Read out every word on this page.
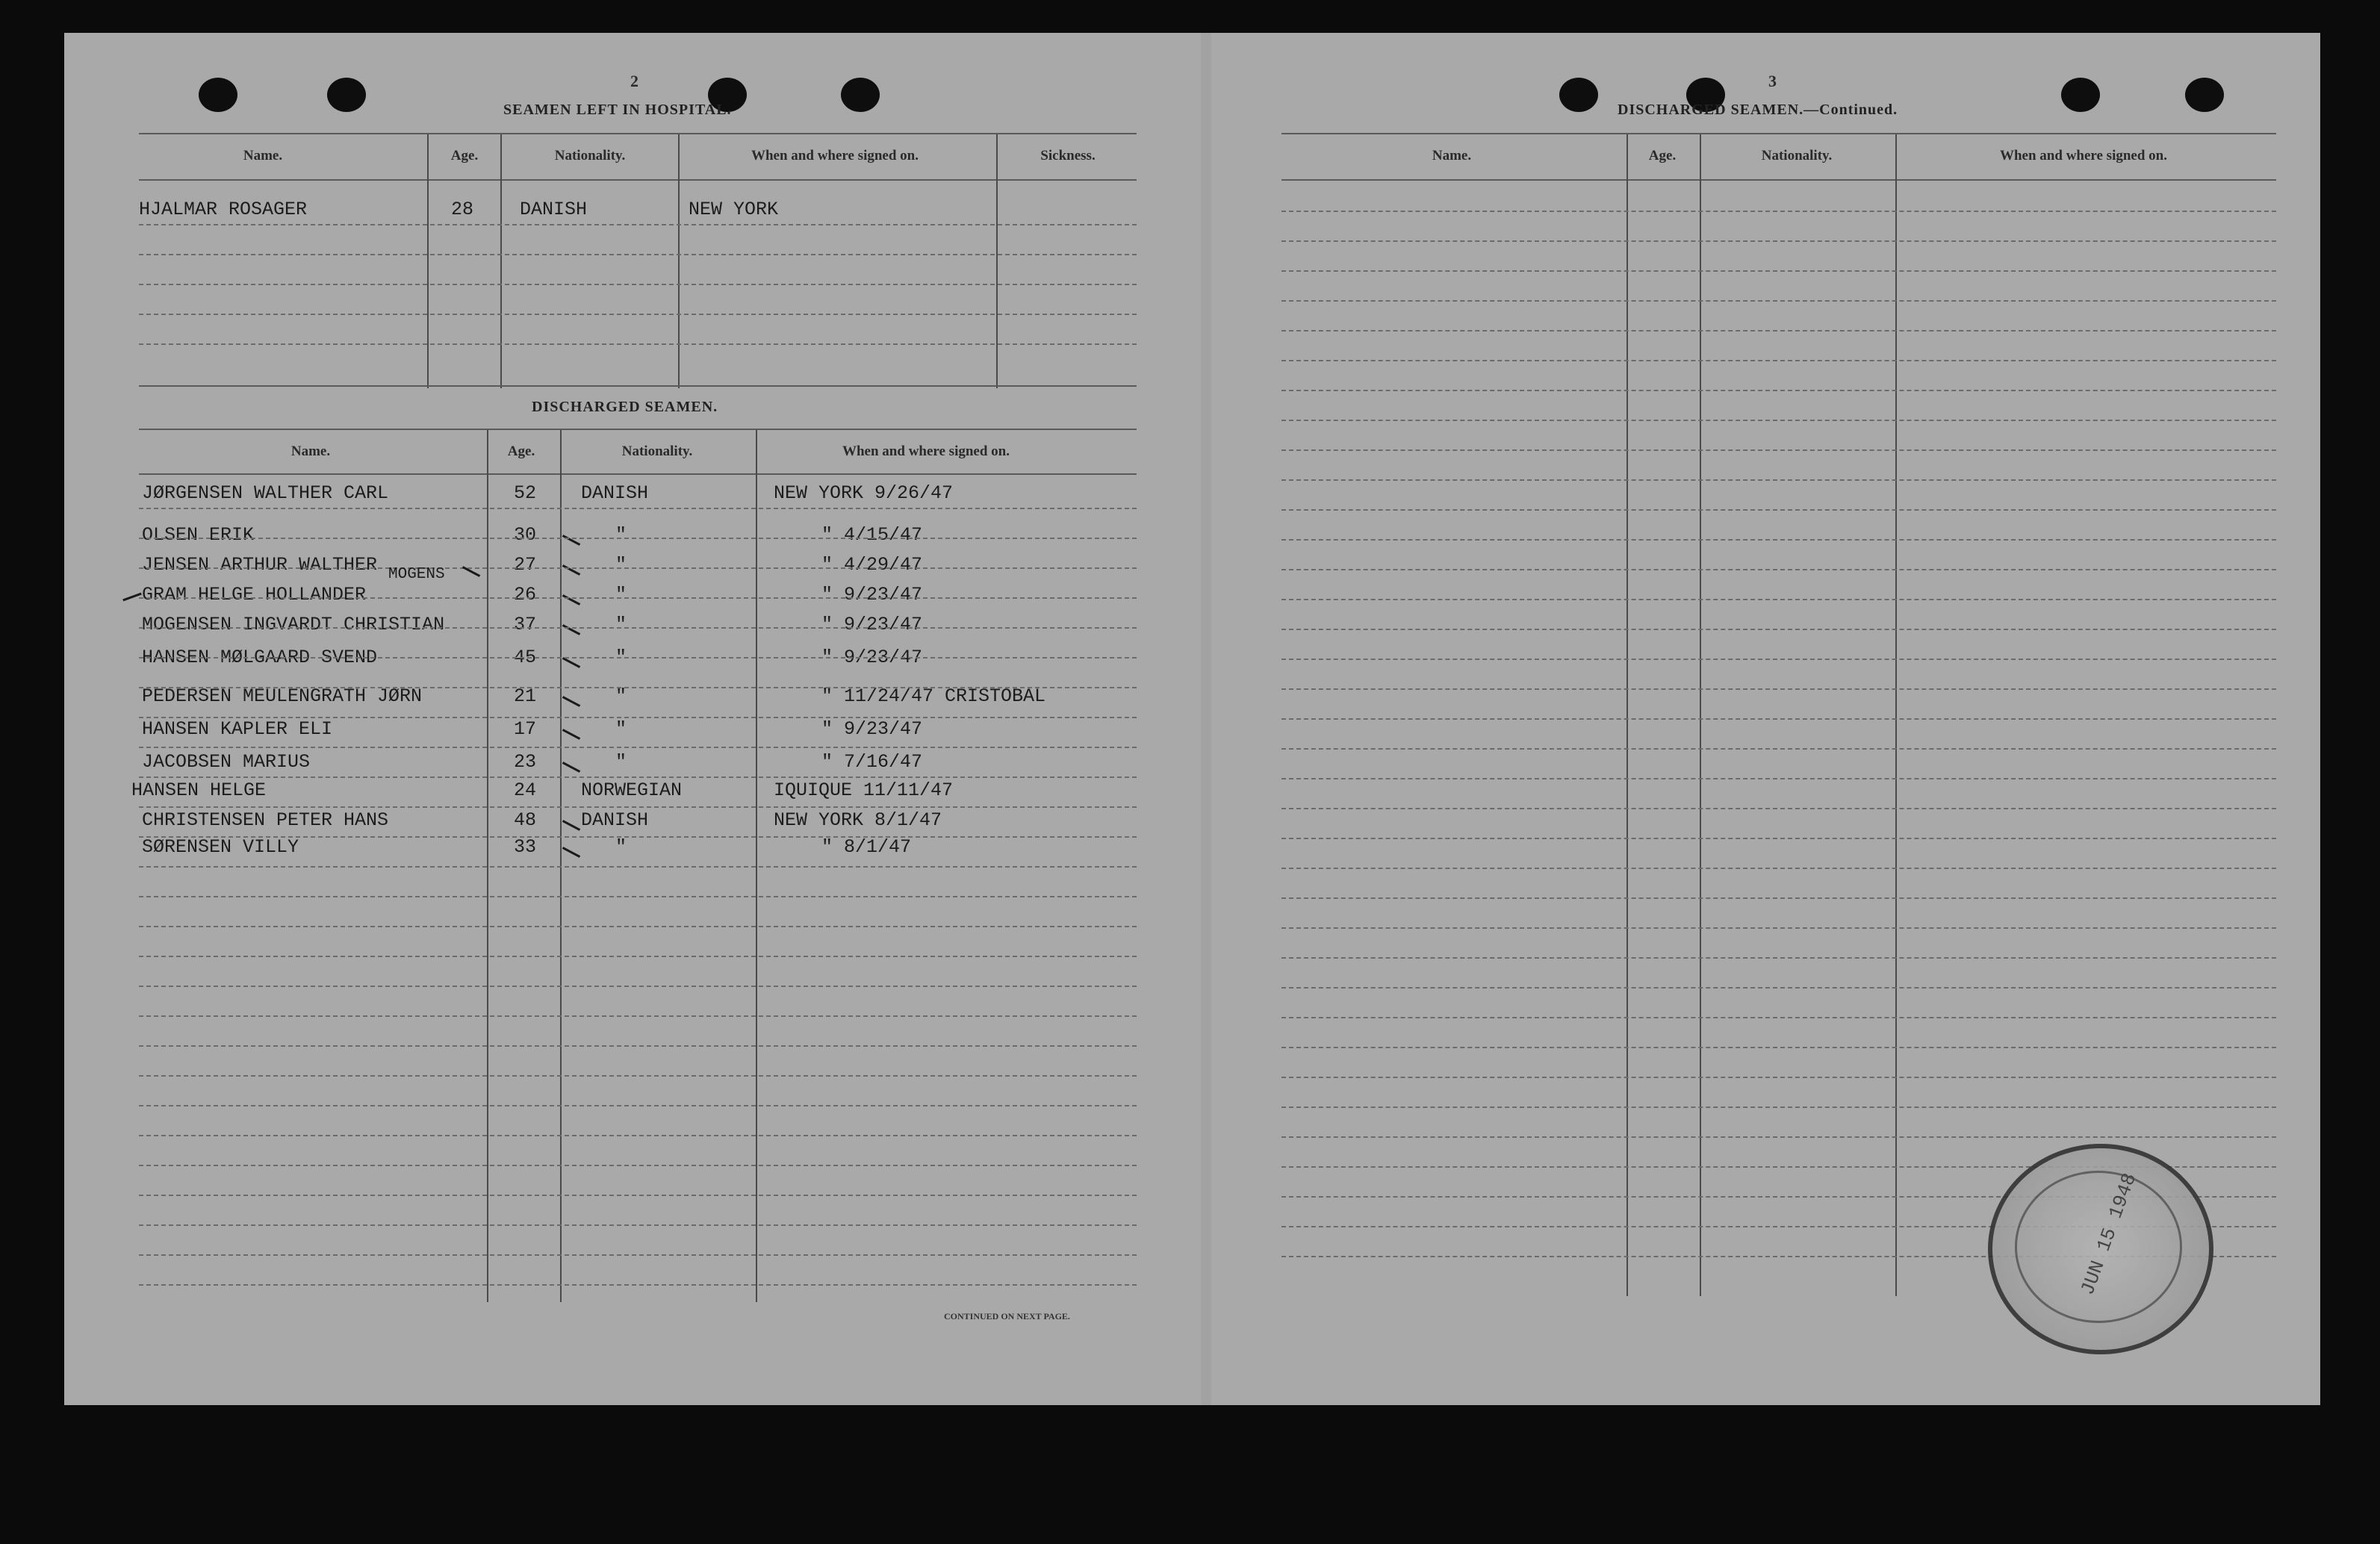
2
SEAMEN LEFT IN HOSPITAL.
Name.	Age.	Nationality.	When and where signed on.	Sickness.
HJALMAR ROSAGER	28 DANISH	NEW YORK
DISCHARGED SEAMEN.
Name.	Age.	Nationality.	When and where signed on.
JØRGENSEN WALTHER CARL	52 DANISH	NEW YORK 9/26/47
OLSEN ERIK	30	"	" 4/15/47
JENSEN ARTHUR WALTHER	27	"	" 4/29/47
GRAM HELGE HOLLANDER	26	"	" 9/23/47
MOGENSEN INGVARDT CHRISTIAN	37	"	" 9/23/47
HANSEN MØLGAARD SVEND	45	"	" 9/23/47
PEDERSEN MEULENGRATH JØRN	21	"	" 11/24/47 CRISTOBAL
HANSEN KAPLER ELI	17	"	" 9/23/47
JACOBSEN MARIUS	23	"	" 7/16/47
HANSEN HELGE	24 NORWEGIAN	IQUIQUE 11/11/47
CHRISTENSEN PETER HANS	48 DANISH	NEW YORK 8/1/47
SØRENSEN VILLY	33	"	" 8/1/47
MOGENS
CONTINUED ON NEXT PAGE.
3
DISCHARGED SEAMEN.—Continued.
Name.	Age.	Nationality.	When and where signed on.
JUN 15 1948
